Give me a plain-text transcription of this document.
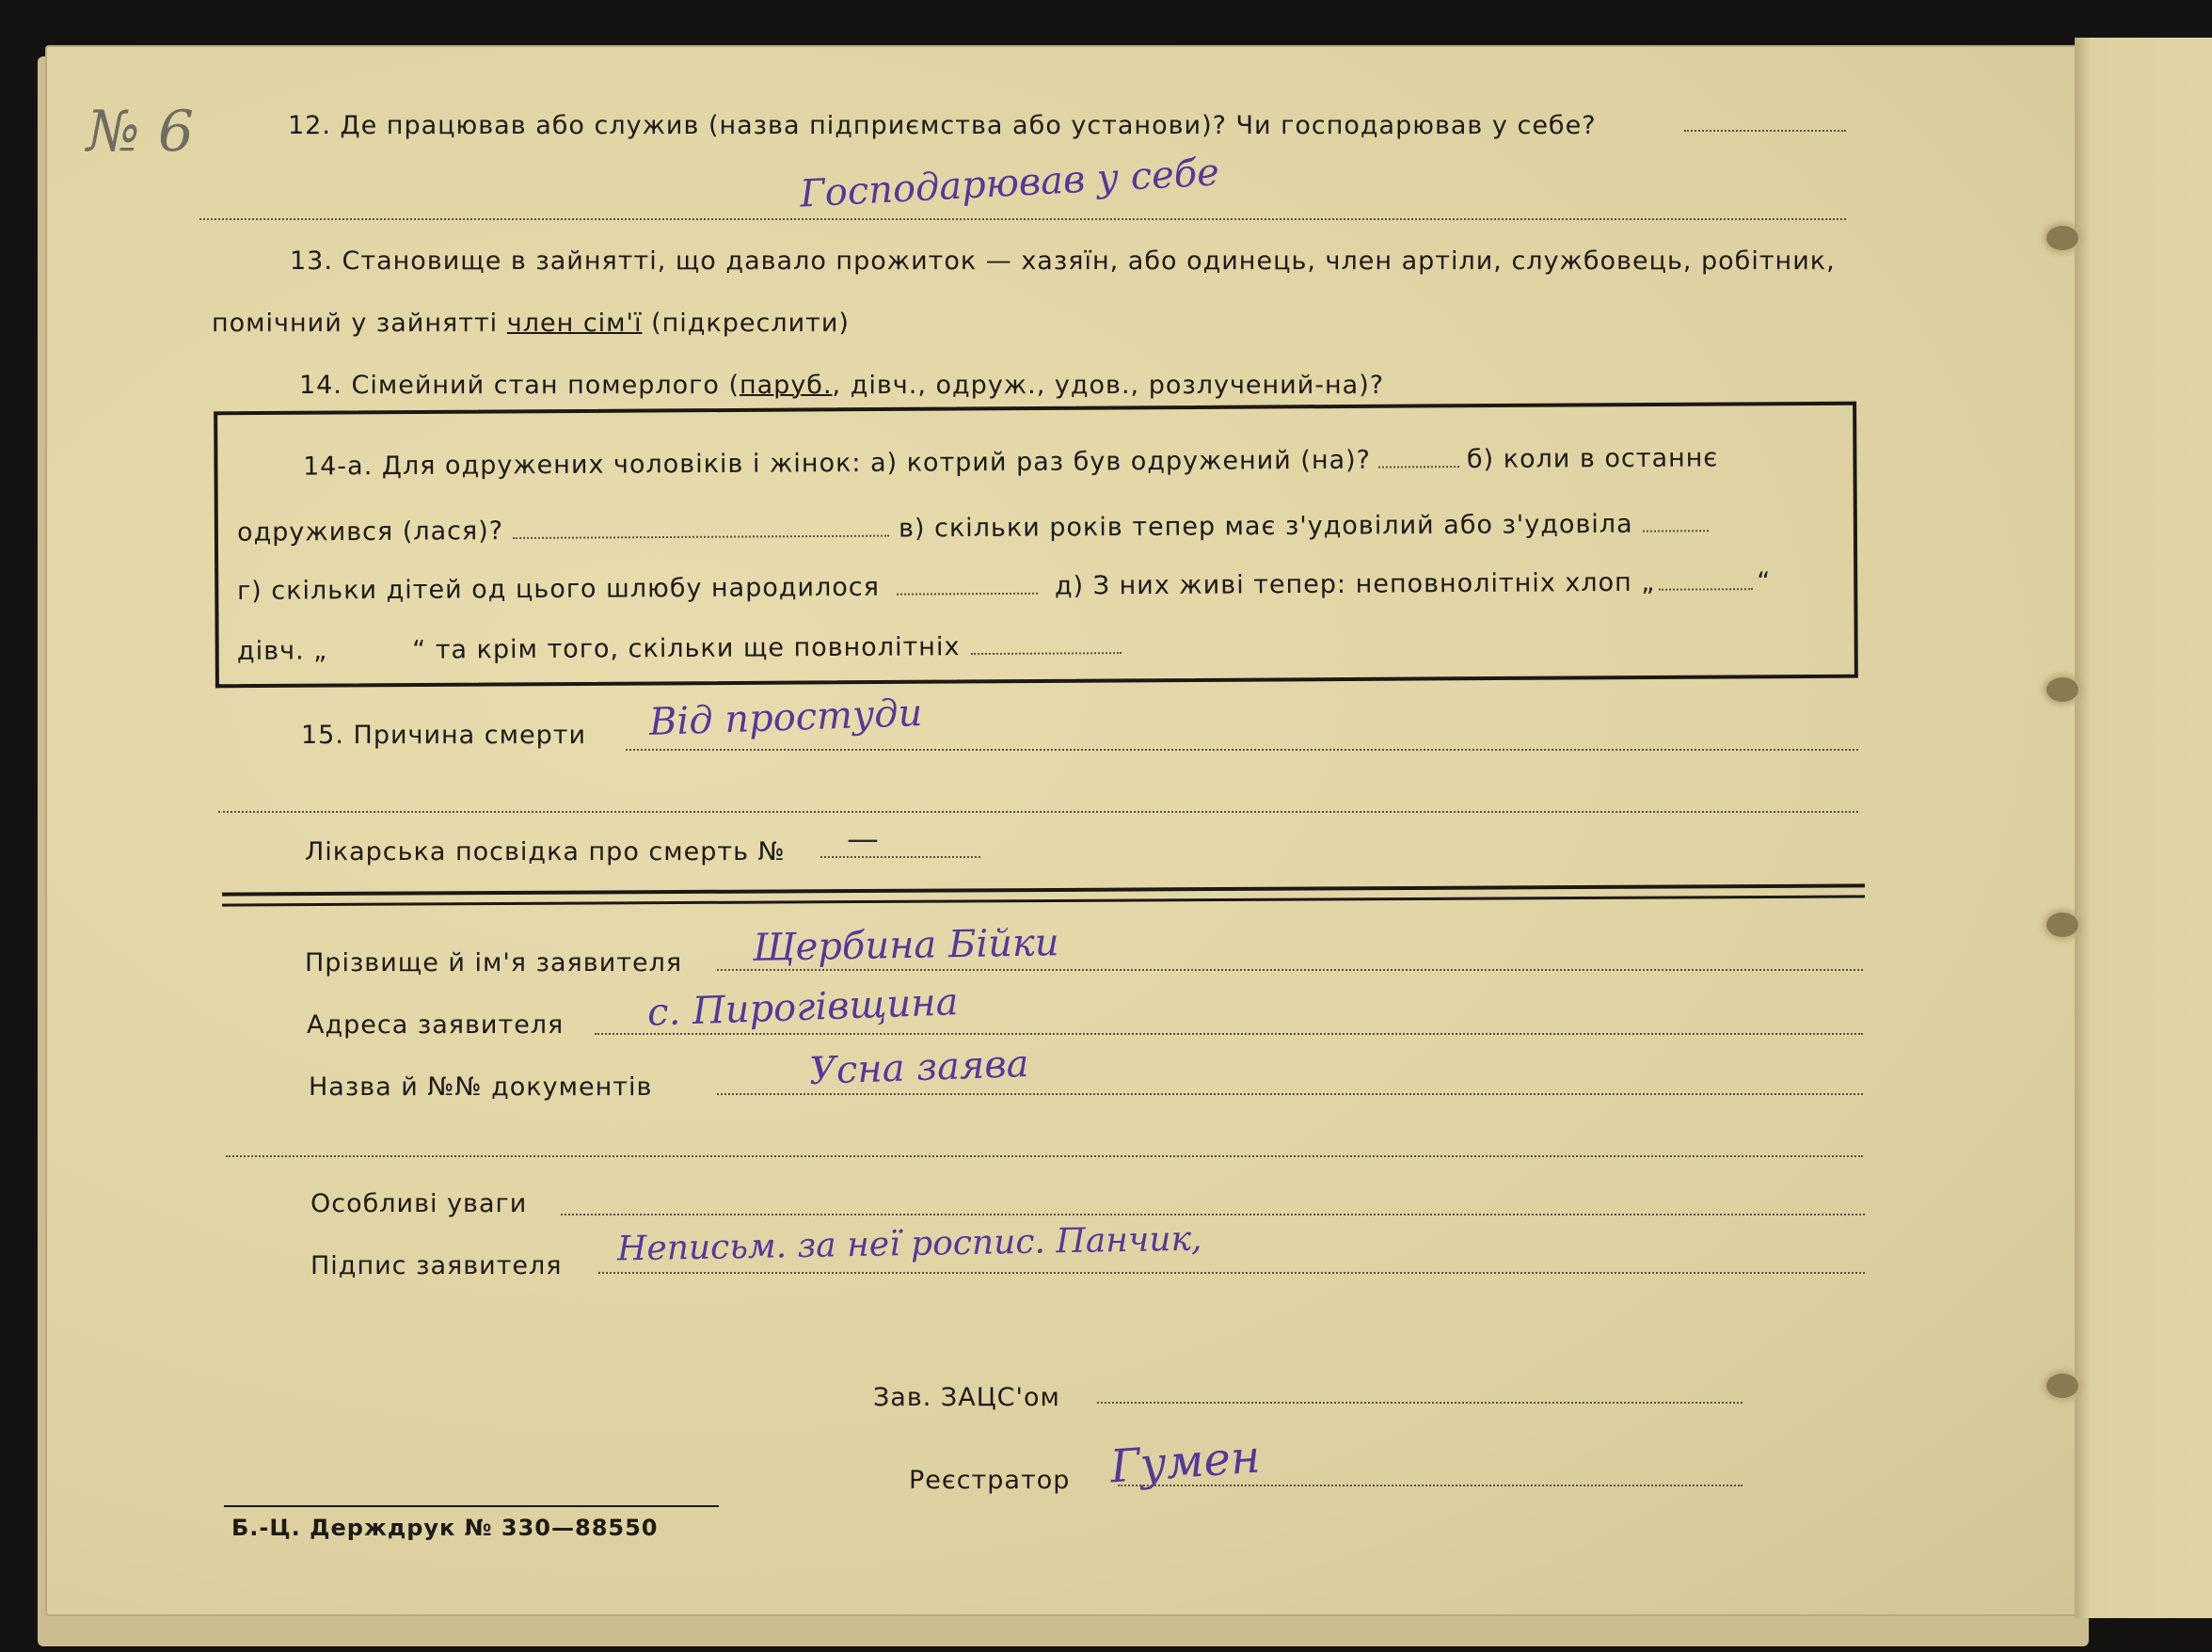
№ 6	12. Де працював або служив (назва підприємства або установи)? Чи господарював у себе?
Господарював у себе
13. Становище в зайнятті, що давало прожиток — хазяїн, або одинець, член артіли, службовець, робітник,
помічний у зайнятті член сім'ї (підкреслити)
14. Сімейний стан померлого (паруб., дівч., одруж., удов., розлучений-на)?
14-а. Для одружених чоловіків і жінок: а) котрий раз був одружений (на)?	б) коли в останнє
одружився (лася)?	в) скільки років тепер має з'удовілий або з'удовіла
г) скільки дітей од цього шлюбу народилося	д) З них живі тепер: неповнолітніх хлоп „	“
дівч. „	“ та крім того, скільки ще повнолітніх
15. Причина смерти Від простуди
Лікарська посвідка про смерть № —
Прізвище й ім'я заявителя Щербина Бійки
Адреса заявителя с. Пирогівщина
Назва й №№ документів	Усна заява
Особливі уваги
Підпис заявителя Неписьм. за неї роспис. Панчик,
Зав. ЗАЦС'ом
Реєстратор Гумен
Б.-Ц. Держдрук № 330—88550
